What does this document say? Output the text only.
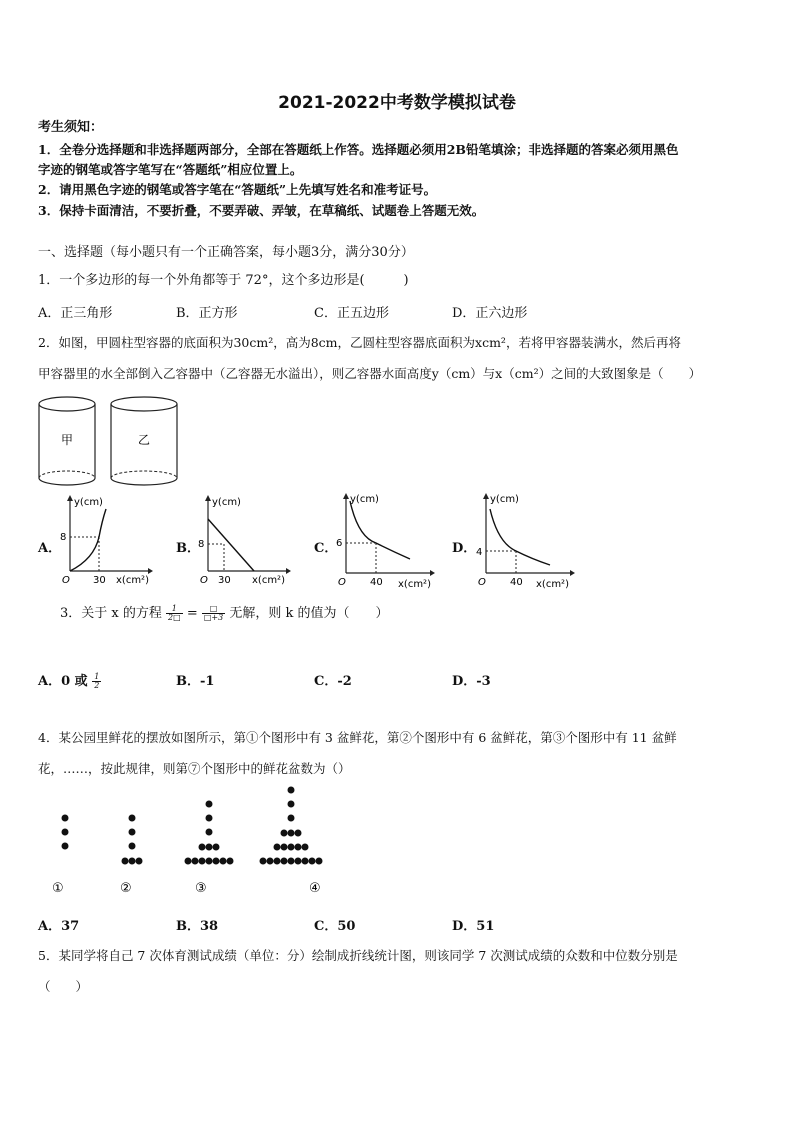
2021-2022中考数学模拟试卷
考生须知：
1．全卷分选择题和非选择题两部分，全部在答题纸上作答。选择题必须用2B铅笔填涂；非选择题的答案必须用黑色
字迹的钢笔或答字笔写在“答题纸”相应位置上。
2．请用黑色字迹的钢笔或答字笔在“答题纸”上先填写姓名和准考证号。
3．保持卡面清洁，不要折叠，不要弄破、弄皱，在草稿纸、试题卷上答题无效。
一、选择题（每小题只有一个正确答案，每小题3分，满分30分）
1．一个多边形的每一个外角都等于 72°，这个多边形是(　　　)
A．正三角形	B．正方形	C．正五边形	D．正六边形
2．如图，甲圆柱型容器的底面积为30cm²，高为8cm，乙圆柱型容器底面积为xcm²，若将甲容器装满水，然后再将
甲容器里的水全部倒入乙容器中（乙容器无水溢出），则乙容器水面高度y（cm）与x（cm²）之间的大致图象是（　　）
甲	乙
A．
y(cm)
x(cm²)
O
8
30
B．
y(cm)
x(cm²)
O
8
30
C．
y(cm)
x(cm²)
O
6
40
D．
y(cm)
x(cm²)
O
4
40
3．关于 x 的方程 $\frac{1}{2□} = \frac{□}{□+3}$ 无解，则 k 的值为（　　）
A．0 或 $\frac{1}{2}$	B．-1	C．-2	D．-3
4．某公园里鲜花的摆放如图所示，第①个图形中有 3 盆鲜花，第②个图形中有 6 盆鲜花，第③个图形中有 11 盆鲜
花，……，按此规律，则第⑦个图形中的鲜花盆数为（）
①	②	③	④
A．37	B．38	C．50	D．51
5．某同学将自己 7 次体育测试成绩（单位：分）绘制成折线统计图，则该同学 7 次测试成绩的众数和中位数分别是
（　　）
